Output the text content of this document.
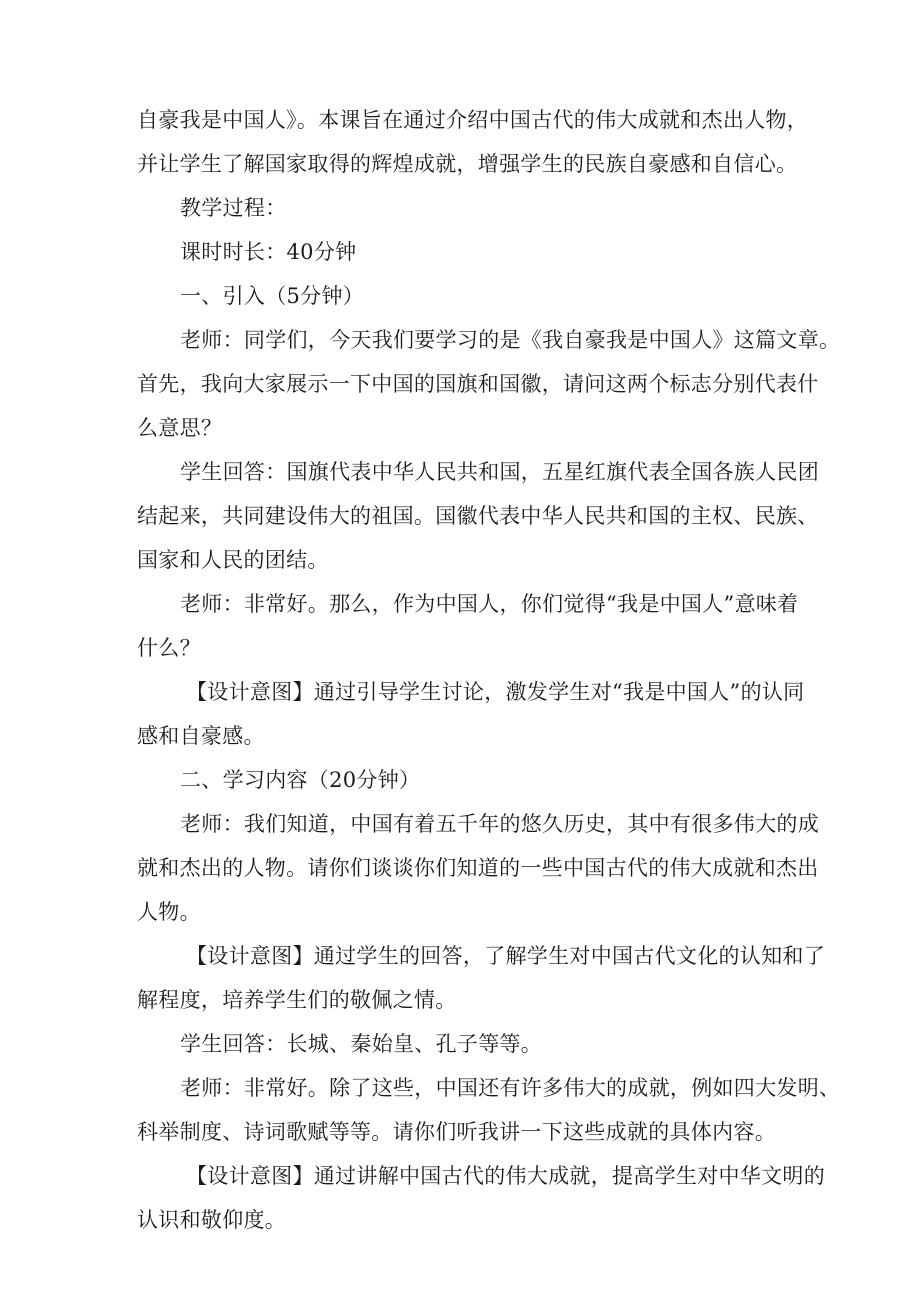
自豪我是中国人》。本课旨在通过介绍中国古代的伟大成就和杰出人物，
并让学生了解国家取得的辉煌成就，增强学生的民族自豪感和自信心。
教学过程：
课时时长：40分钟
一、引入（5分钟）
老师：同学们，今天我们要学习的是《我自豪我是中国人》这篇文章。
首先，我向大家展示一下中国的国旗和国徽，请问这两个标志分别代表什
么意思？
学生回答：国旗代表中华人民共和国，五星红旗代表全国各族人民团
结起来，共同建设伟大的祖国。国徽代表中华人民共和国的主权、民族、
国家和人民的团结。
老师：非常好。那么，作为中国人，你们觉得“我是中国人”意味着
什么？
【设计意图】通过引导学生讨论，激发学生对“我是中国人”的认同
感和自豪感。
二、学习内容（20分钟）
老师：我们知道，中国有着五千年的悠久历史，其中有很多伟大的成
就和杰出的人物。请你们谈谈你们知道的一些中国古代的伟大成就和杰出
人物。
【设计意图】通过学生的回答，了解学生对中国古代文化的认知和了
解程度，培养学生们的敬佩之情。
学生回答：长城、秦始皇、孔子等等。
老师：非常好。除了这些，中国还有许多伟大的成就，例如四大发明、
科举制度、诗词歌赋等等。请你们听我讲一下这些成就的具体内容。
【设计意图】通过讲解中国古代的伟大成就，提高学生对中华文明的
认识和敬仰度。
